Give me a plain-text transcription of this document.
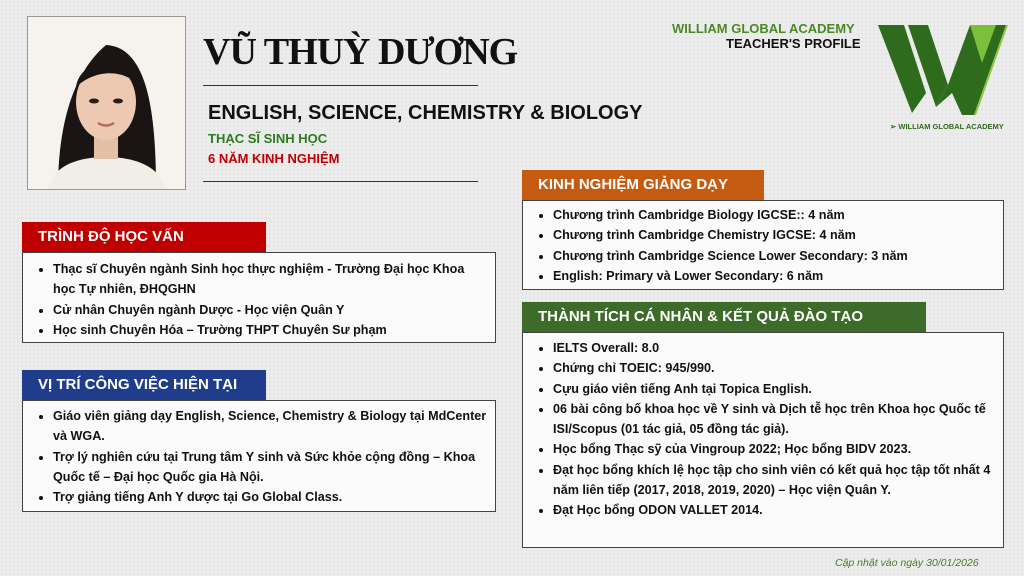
VŨ THUỲ DƯƠNG
ENGLISH, SCIENCE, CHEMISTRY & BIOLOGY
THẠC SĨ SINH HỌC
6 NĂM KINH NGHIỆM
WILLIAM GLOBAL ACADEMY
TEACHER'S PROFILE
➢ WILLIAM GLOBAL ACADEMY
TRÌNH ĐỘ HỌC VẤN
• Thạc sĩ Chuyên ngành Sinh học thực nghiệm - Trường Đại học Khoa học Tự nhiên, ĐHQGHN
• Cử nhân Chuyên ngành Dược - Học viện Quân Y
• Học sinh Chuyên Hóa – Trường THPT Chuyên Sư phạm
VỊ TRÍ CÔNG VIỆC HIỆN TẠI
• Giáo viên giảng dạy English, Science, Chemistry & Biology tại MdCenter và WGA.
• Trợ lý nghiên cứu tại Trung tâm Y sinh và Sức khỏe cộng đồng – Khoa Quốc tế – Đại học Quốc gia Hà Nội.
• Trợ giảng tiếng Anh Y dược tại Go Global Class.
KINH NGHIỆM GIẢNG DẠY
• Chương trình Cambridge Biology IGCSE:: 4 năm
• Chương trình Cambridge Chemistry IGCSE: 4 năm
• Chương trình Cambridge Science Lower Secondary: 3 năm
• English: Primary và Lower Secondary: 6 năm
THÀNH TÍCH CÁ NHÂN & KẾT QUẢ ĐÀO TẠO
• IELTS Overall: 8.0
• Chứng chỉ TOEIC: 945/990.
• Cựu giáo viên tiếng Anh tại Topica English.
• 06 bài công bố khoa học về Y sinh và Dịch tễ học trên Khoa học Quốc tế ISI/Scopus (01 tác giả, 05 đồng tác giả).
• Học bổng Thạc sỹ của Vingroup 2022; Học bổng BIDV 2023.
• Đạt học bổng khích lệ học tập cho sinh viên có kết quả học tập tốt nhất 4 năm liên tiếp (2017, 2018, 2019, 2020) – Học viện Quân Y.
• Đạt Học bổng ODON VALLET 2014.
Cập nhật vào ngày 30/01/2026
